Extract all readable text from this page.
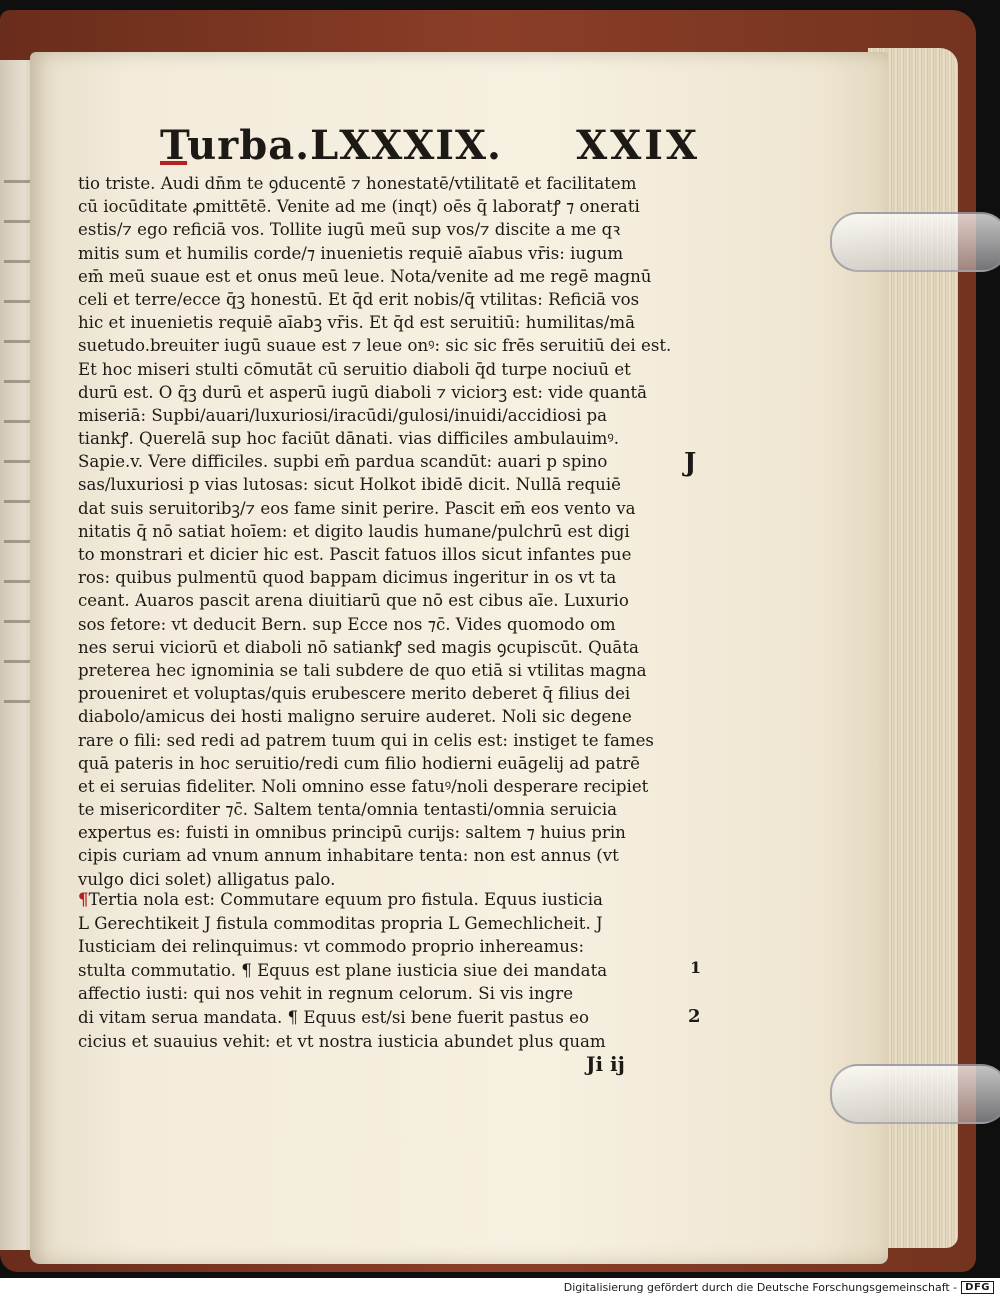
Turba.LXXXIX. XXIX
tio triste. Audi dn̄m te ꝯducentē ⁊ honestatē/vtilitatē et facilitatem
cū iocūditate ꝓmittētē. Venite ad me (inqt) oēs q̄ laboratꝭ ⁊ onerati
estis/⁊ ego reficiā vos. Tollite iugū meū sup vos/⁊ discite a me qꝛ
mitis sum et humilis corde/⁊ inuenietis requiē aīabus vr̄is: iugum
em̄ meū suaue est et onus meū leue. Nota/venite ad me regē magnū
celi et terre/ecce q̄ꝫ honestū. Et q̄d erit nobis/q̄ vtilitas: Reficiā vos
hic et inuenietis requiē aīabꝫ vr̄is. Et q̄d est seruitiū: humilitas/mā
suetudo.breuiter iugū suaue est ⁊ leue onꝰ: sic sic frēs seruitiū dei est.
Et hoc miseri stulti cōmutāt cū seruitio diaboli q̄d turpe nociuū et
durū est. O q̄ꝫ durū et asperū iugū diaboli ⁊ viciorꝫ est: vide quantā
miseriā: Supbi/auari/luxuriosi/iracūdi/gulosi/inuidi/accidiosi pa
tiankꝭ. Querelā sup hoc faciūt dānati. vias difficiles ambulauimꝰ.
Sapie.v. Vere difficiles. supbi em̄ pardua scandūt: auari p spino
sas/luxuriosi p vias lutosas: sicut Holkot ibidē dicit. Nullā requiē
dat suis seruitoribꝫ/⁊ eos fame sinit perire. Pascit em̄ eos vento va
nitatis q̄ nō satiat hoīem: et digito laudis humane/pulchrū est digi
to monstrari et dicier hic est. Pascit fatuos illos sicut infantes pue
ros: quibus pulmentū quod bappam dicimus ingeritur in os vt ta
ceant. Auaros pascit arena diuitiarū que nō est cibus aīe. Luxurio
sos fetore: vt deducit Bern. sup Ecce nos ⁊c̄. Vides quomodo om
nes serui viciorū et diaboli nō satiankꝭ sed magis ꝯcupiscūt. Quāta
preterea hec ignominia se tali subdere de quo etiā si vtilitas magna
proueniret et voluptas/quis erubescere merito deberet q̄ filius dei
diabolo/amicus dei hosti maligno seruire auderet. Noli sic degene
rare o fili: sed redi ad patrem tuum qui in celis est: instiget te fames
quā pateris in hoc seruitio/redi cum filio hodierni euāgelij ad patrē
et ei seruias fideliter. Noli omnino esse fatuꝰ/noli desperare recipiet
te misericorditer ⁊c̄. Saltem tenta/omnia tentasti/omnia seruicia
expertus es: fuisti in omnibus principū curijs: saltem ⁊ huius prin
cipis curiam ad vnum annum inhabitare tenta: non est annus (vt
vulgo dici solet) alligatus palo.
¶Tertia nola est: Commutare equum pro fistula. Equus iusticia
L Gerechtikeit J fistula commoditas propria L Gemechlicheit. J
Iusticiam dei relinquimus: vt commodo proprio inhereamus:
stulta commutatio. ¶ Equus est plane iusticia siue dei mandata
affectio iusti: qui nos vehit in regnum celorum. Si vis ingre
di vitam serua mandata. ¶ Equus est/si bene fuerit pastus eo
cicius et suauius vehit: et vt nostra iusticia abundet plus quam
J
1
2
Ji ij
Digitalisierung gefördert durch die Deutsche Forschungsgemeinschaft - DFG
